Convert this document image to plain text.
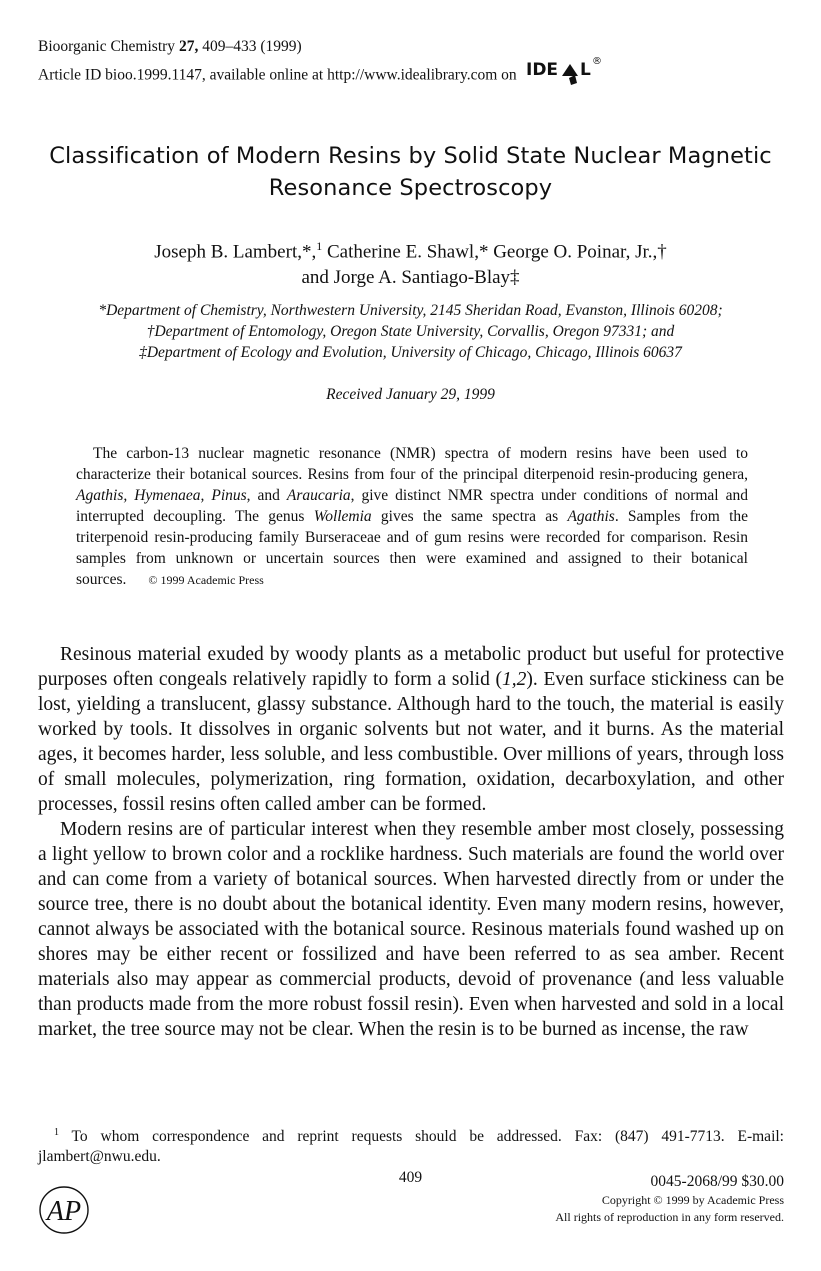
Bioorganic Chemistry 27, 409–433 (1999)
Article ID bioo.1999.1147, available online at http://www.idealibrary.com on IDE L ®
Classification of Modern Resins by Solid State Nuclear Magnetic
Resonance Spectroscopy
Joseph B. Lambert,*,$^1$ Catherine E. Shawl,* George O. Poinar, Jr.,†
and Jorge A. Santiago-Blay‡
*Department of Chemistry, Northwestern University, 2145 Sheridan Road, Evanston, Illinois 60208;
†Department of Entomology, Oregon State University, Corvallis, Oregon 97331; and
‡Department of Ecology and Evolution, University of Chicago, Chicago, Illinois 60637
Received January 29, 1999
The carbon-13 nuclear magnetic resonance (NMR) spectra of modern resins have been used to characterize their botanical sources. Resins from four of the principal diterpenoid resin-producing genera, Agathis, Hymenaea, Pinus, and Araucaria, give distinct NMR spectra under conditions of normal and interrupted decoupling. The genus Wollemia gives the same spectra as Agathis. Samples from the triterpenoid resin-producing family Burseraceae and of gum resins were recorded for comparison. Resin samples from unknown or uncertain sources then were examined and assigned to their botanical sources. © 1999 Academic Press

Resinous material exuded by woody plants as a metabolic product but useful for protective purposes often congeals relatively rapidly to form a solid (1,2). Even surface stickiness can be lost, yielding a translucent, glassy substance. Although hard to the touch, the material is easily worked by tools. It dissolves in organic solvents but not water, and it burns. As the material ages, it becomes harder, less soluble, and less combustible. Over millions of years, through loss of small molecules, polymerization, ring formation, oxidation, decarboxylation, and other processes, fossil resins often called amber can be formed.

Modern resins are of particular interest when they resemble amber most closely, possessing a light yellow to brown color and a rocklike hardness. Such materials are found the world over and can come from a variety of botanical sources. When harvested directly from or under the source tree, there is no doubt about the botanical identity. Even many modern resins, however, cannot always be associated with the botanical source. Resinous materials found washed up on shores may be either recent or fossilized and have been referred to as sea amber. Recent materials also may appear as commercial products, devoid of provenance (and less valuable than products made from the more robust fossil resin). Even when harvested and sold in a local market, the tree source may not be clear. When the resin is to be burned as incense, the raw

$^1$ To whom correspondence and reprint requests should be addressed. Fax: (847) 491-7713. E-mail: jlambert@nwu.edu.
409
AP
0045-2068/99 $30.00
Copyright © 1999 by Academic Press
All rights of reproduction in any form reserved.
